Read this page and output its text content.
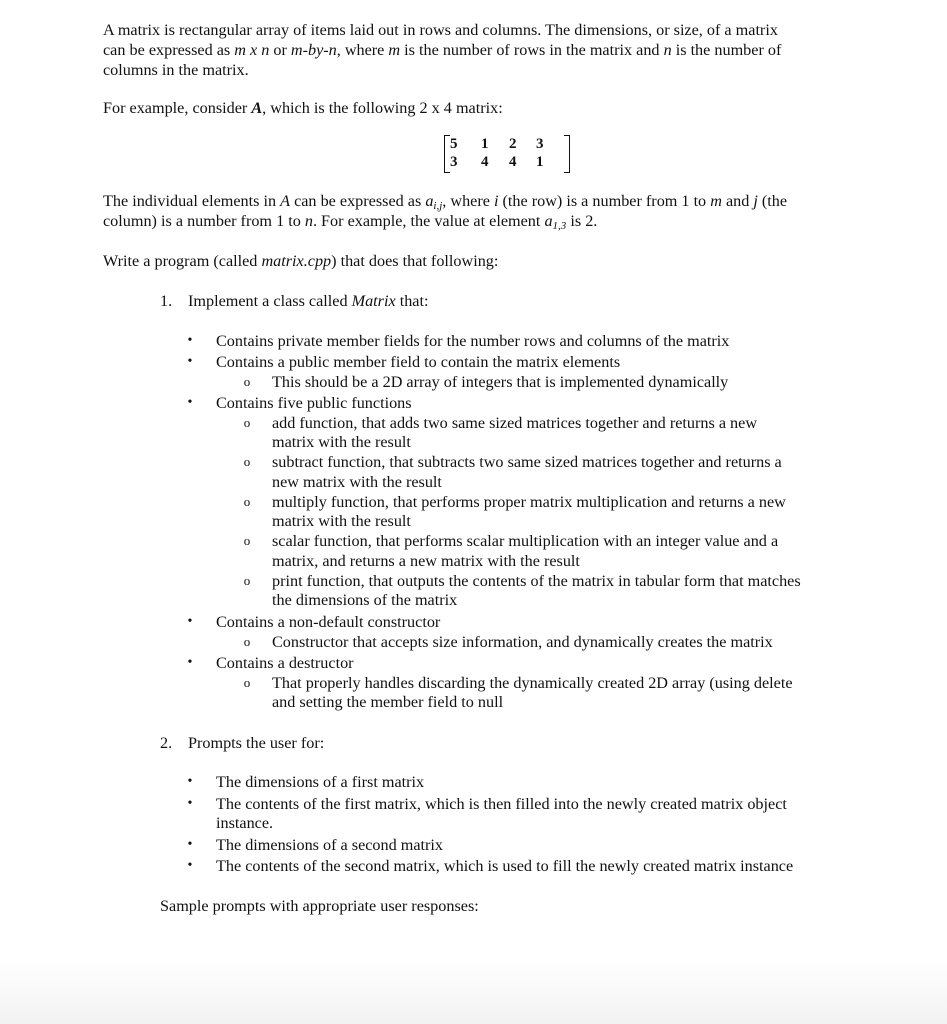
A matrix is rectangular array of items laid out in rows and columns. The dimensions, or size, of a matrix

can be expressed as m x n or m-by-n, where m is the number of rows in the matrix and n is the number of

columns in the matrix.

For example, consider A, which is the following 2 x 4 matrix:

5 1 2 3
3 4 4 1

The individual elements in A can be expressed as $a_{i,j}$, where i (the row) is a number from 1 to m and j (the

column) is a number from 1 to n. For example, the value at element $a_{1,3}$ is 2.

Write a program (called matrix.cpp) that does that following:

1. Implement a class called Matrix that:

• Contains private member fields for the number rows and columns of the matrix
• Contains a public member field to contain the matrix elements
o This should be a 2D array of integers that is implemented dynamically
• Contains five public functions
o add function, that adds two same sized matrices together and returns a new
matrix with the result
o subtract function, that subtracts two same sized matrices together and returns a
new matrix with the result
o multiply function, that performs proper matrix multiplication and returns a new
matrix with the result
o scalar function, that performs scalar multiplication with an integer value and a
matrix, and returns a new matrix with the result
o print function, that outputs the contents of the matrix in tabular form that matches
the dimensions of the matrix
• Contains a non-default constructor
o Constructor that accepts size information, and dynamically creates the matrix
• Contains a destructor
o That properly handles discarding the dynamically created 2D array (using delete
and setting the member field to null
2. Prompts the user for:
• The dimensions of a first matrix
• The contents of the first matrix, which is then filled into the newly created matrix object
instance.
• The dimensions of a second matrix
• The contents of the second matrix, which is used to fill the newly created matrix instance
Sample prompts with appropriate user responses:
